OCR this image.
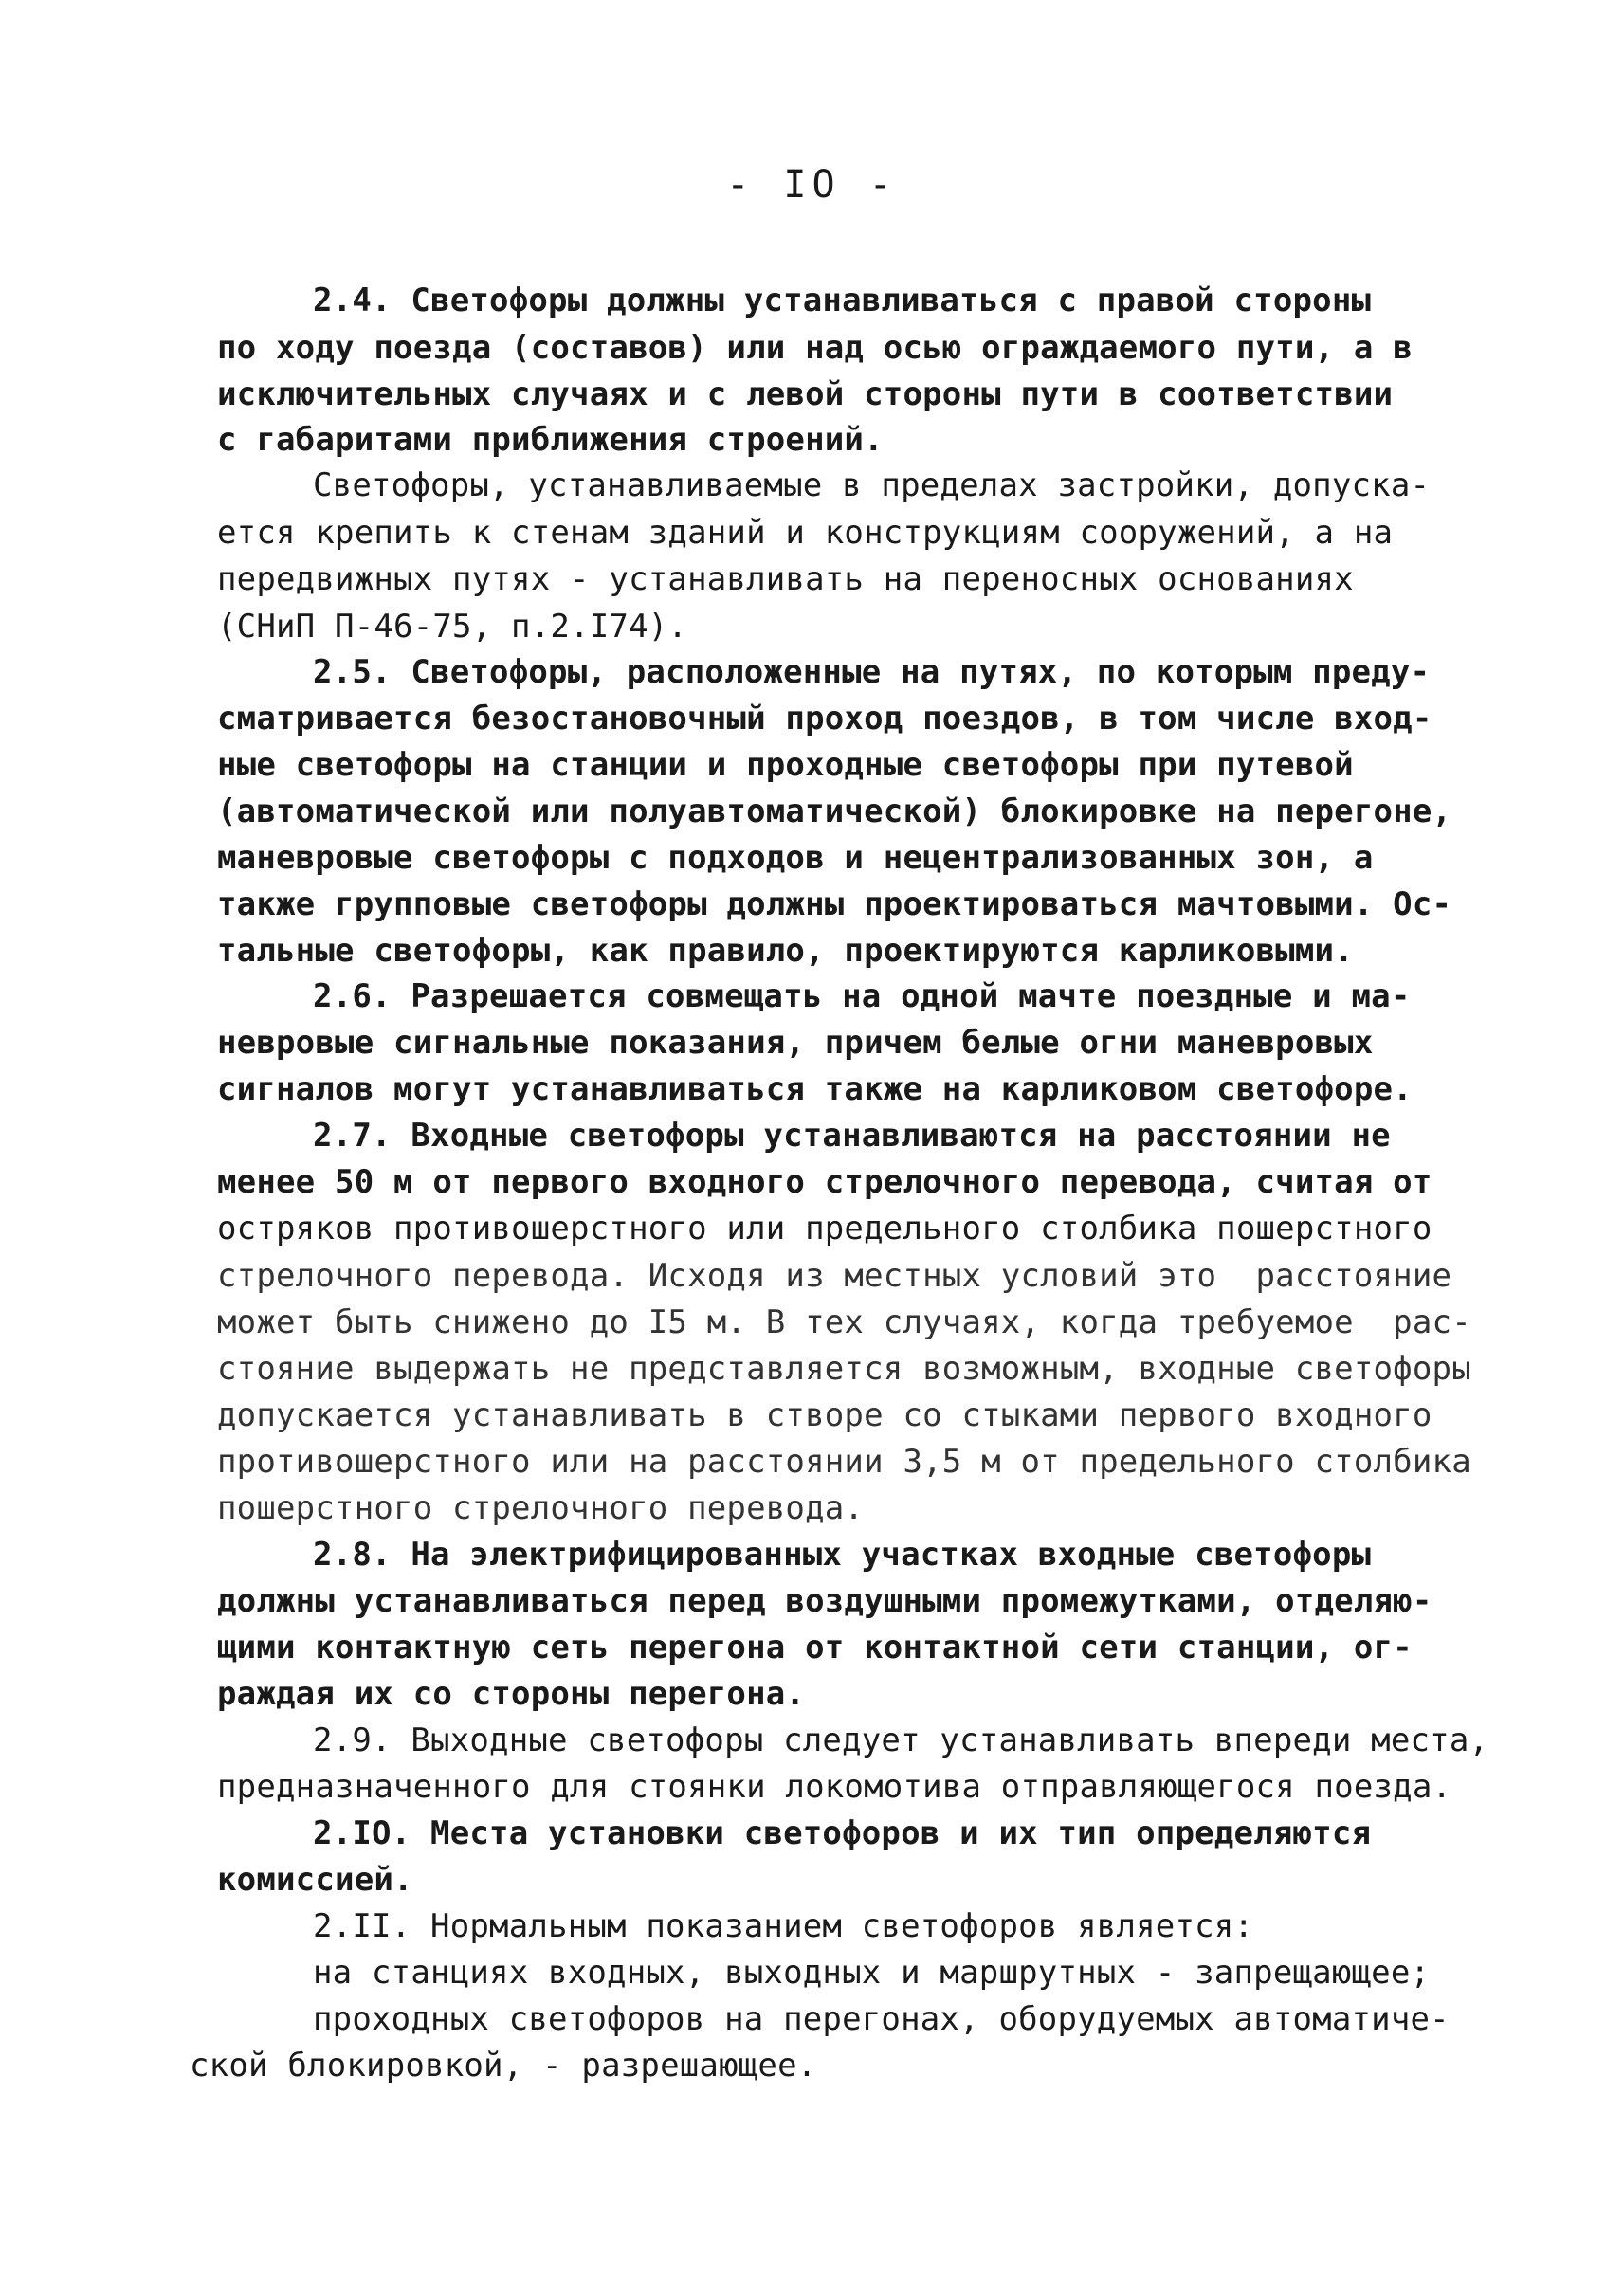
- IO -
2.4. Светофоры должны устанавливаться с правой стороны
по ходу поезда (составов) или над осью ограждаемого пути, а в
исключительных случаях и с левой стороны пути в соответствии
с габаритами приближения строений.
Светофоры, устанавливаемые в пределах застройки, допуска-
ется крепить к стенам зданий и конструкциям сооружений, а на
передвижных путях - устанавливать на переносных основаниях
(СНиП П-46-75, п.2.I74).
2.5. Светофоры, расположенные на путях, по которым преду-
сматривается безостановочный проход поездов, в том числе вход-
ные светофоры на станции и проходные светофоры при путевой
(автоматической или полуавтоматической) блокировке на перегоне,
маневровые светофоры с подходов и нецентрализованных зон, а
также групповые светофоры должны проектироваться мачтовыми. Ос-
тальные светофоры, как правило, проектируются карликовыми.
2.6. Разрешается совмещать на одной мачте поездные и ма-
невровые сигнальные показания, причем белые огни маневровых
сигналов могут устанавливаться также на карликовом светофоре.
2.7. Входные светофоры устанавливаются на расстоянии не
менее 50 м от первого входного стрелочного перевода, считая от
остряков противошерстного или предельного столбика пошерстного
стрелочного перевода. Исходя из местных условий это  расстояние
может быть снижено до I5 м. В тех случаях, когда требуемое  рас-
стояние выдержать не представляется возможным, входные светофоры
допускается устанавливать в створе со стыками первого входного
противошерстного или на расстоянии 3,5 м от предельного столбика
пошерстного стрелочного перевода.
2.8. На электрифицированных участках входные светофоры
должны устанавливаться перед воздушными промежутками, отделяю-
щими контактную сеть перегона от контактной сети станции, ог-
раждая их со стороны перегона.
2.9. Выходные светофоры следует устанавливать впереди места,
предназначенного для стоянки локомотива отправляющегося поезда.
2.IO. Места установки светофоров и их тип определяются
комиссией.
2.II. Нормальным показанием светофоров является:
на станциях входных, выходных и маршрутных - запрещающее;
проходных светофоров на перегонах, оборудуемых автоматиче-
ской блокировкой, - разрешающее.
